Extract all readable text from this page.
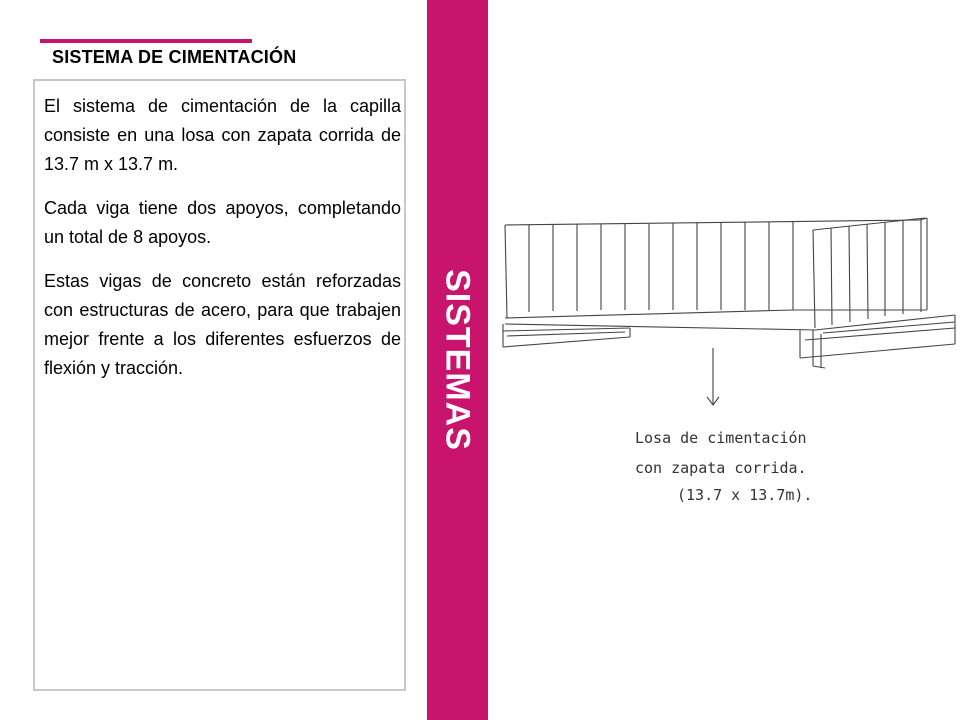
SISTEMA DE CIMENTACIÓN

El sistema de cimentación de la capilla consiste en una losa con zapata corrida de 13.7 m x 13.7 m.

Cada viga tiene dos apoyos, completando un total de 8 apoyos.

Estas vigas de concreto están reforzadas con estructuras de acero, para que trabajen mejor frente a los diferentes esfuerzos de flexión y tracción.	SISTEMAS	Losa de cimentación
con zapata corrida.
(13.7 x 13.7m).
